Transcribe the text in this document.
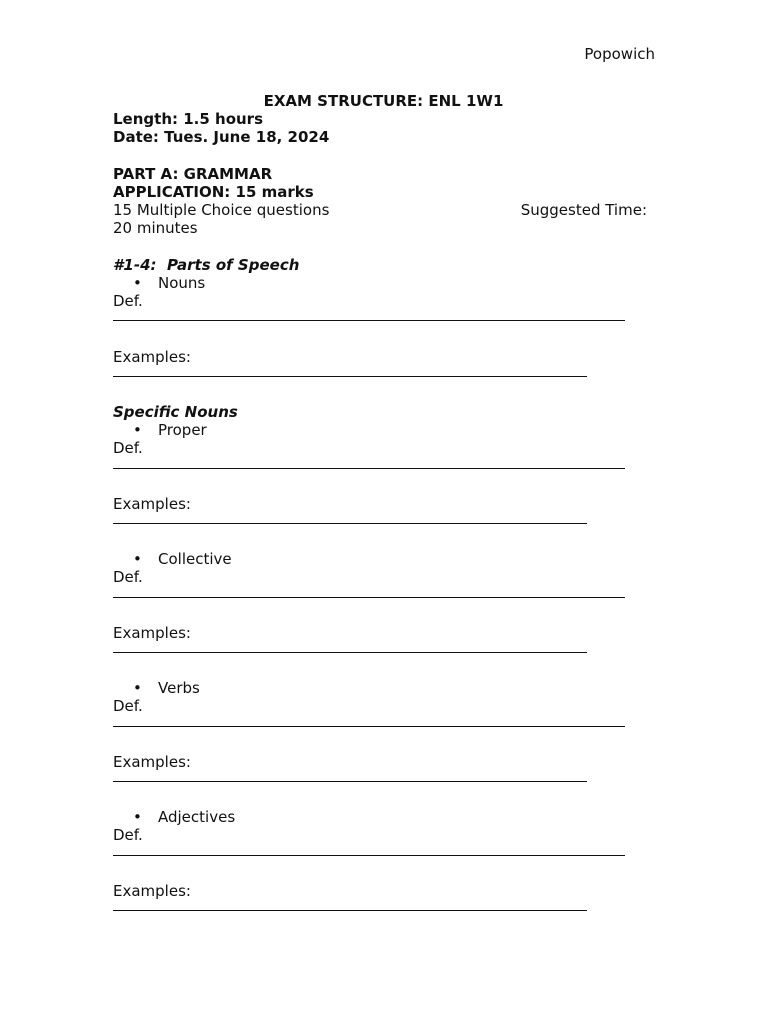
Popowich
EXAM STRUCTURE: ENL 1W1
Length: 1.5 hours
Date: Tues. June 18, 2024
PART A: GRAMMAR
APPLICATION: 15 marks
15 Multiple Choice questions	Suggested Time:
20 minutes
#1-4: Parts of Speech
•	Nouns
Def.
Examples:
Specific Nouns
•	Proper
Def.
Examples:
•	Collective
Def.
Examples:
•	Verbs
Def.
Examples:
•	Adjectives
Def.
Examples:
